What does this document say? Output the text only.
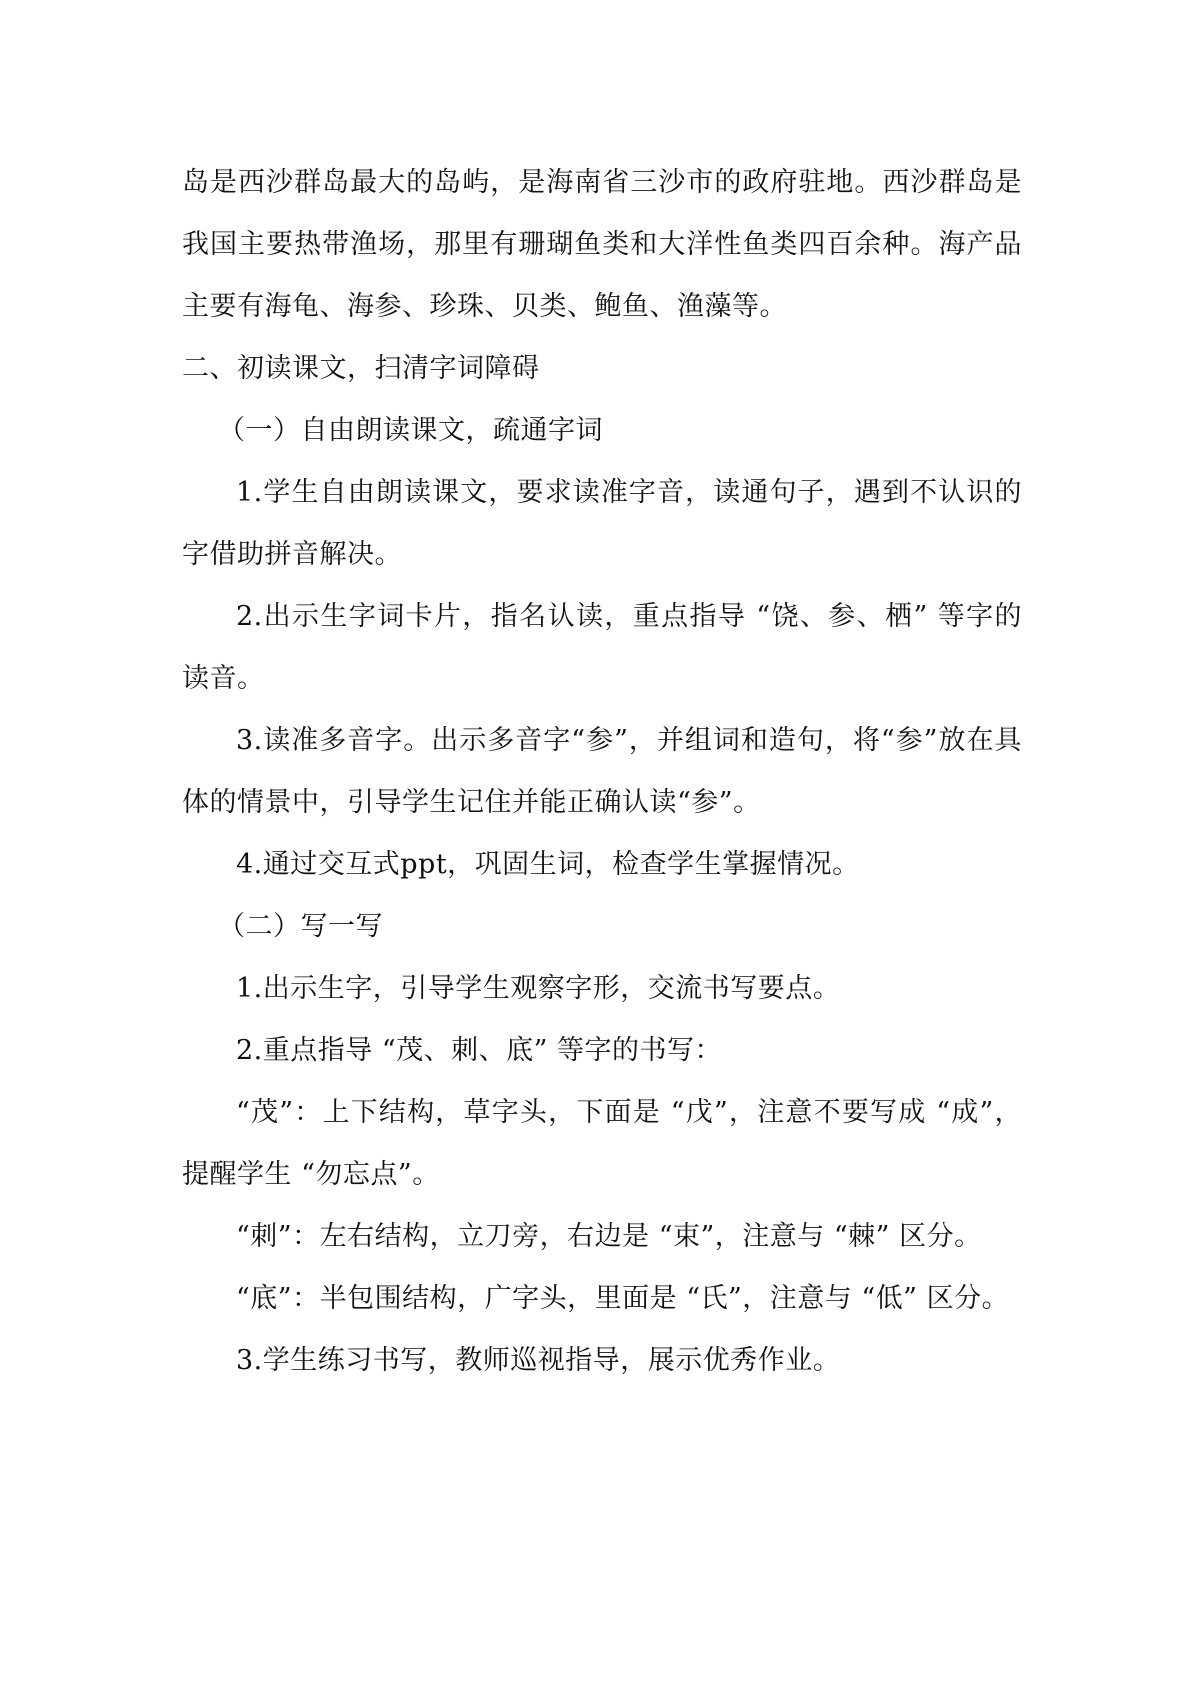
岛是西沙群岛最大的岛屿，是海南省三沙市的政府驻地。西沙群岛是我国主要热带渔场，那里有珊瑚鱼类和大洋性鱼类四百余种。海产品主要有海龟、海参、珍珠、贝类、鲍鱼、渔藻等。

二、初读课文，扫清字词障碍

（一）自由朗读课文，疏通字词

1.学生自由朗读课文，要求读准字音，读通句子，遇到不认识的字借助拼音解决。

2.出示生字词卡片，指名认读，重点指导 “饶、参、栖” 等字的读音。

3.读准多音字。出示多音字“参”，并组词和造句，将“参”放在具体的情景中，引导学生记住并能正确认读“参”。

4.通过交互式ppt，巩固生词，检查学生掌握情况。

（二）写一写

1.出示生字，引导学生观察字形，交流书写要点。

2.重点指导 “茂、刺、底” 等字的书写：

“茂”：上下结构，草字头，下面是 “戊”，注意不要写成 “成”，提醒学生 “勿忘点”。

“刺”：左右结构，立刀旁，右边是 “束”，注意与 “棘” 区分。

“底”：半包围结构，广字头，里面是 “氏”，注意与 “低” 区分。

3.学生练习书写，教师巡视指导，展示优秀作业。
